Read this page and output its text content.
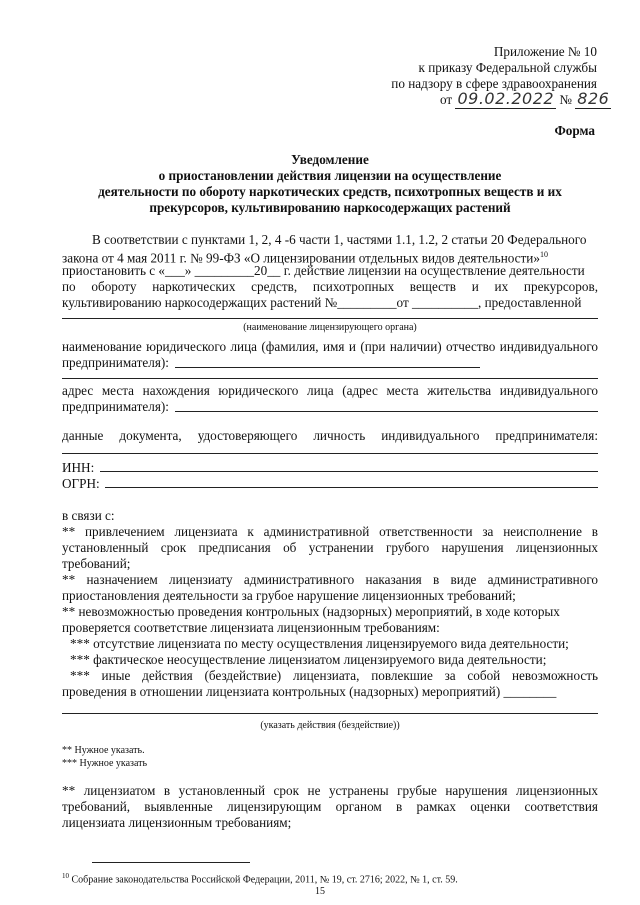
Приложение № 10
к приказу Федеральной службы
по надзору в сфере здравоохранения
от 09.02.2022 № 826
Форма
Уведомление
о приостановлении действия лицензии на осуществление
деятельности по обороту наркотических средств, психотропных веществ и их
прекурсоров, культивированию наркосодержащих растений
В соответствии с пунктами 1, 2, 4 -6 части 1, частями 1.1, 1.2, 2 статьи 20 Федерального
закона от 4 мая 2011 г. № 99-ФЗ «О лицензировании отдельных видов деятельности»$^{10}$
приостановить с «___» _________20__ г. действие лицензии на осуществление деятельности
по обороту наркотических средств, психотропных веществ и их прекурсоров,
культивированию наркосодержащих растений №_________от __________, предоставленной
(наименование лицензирующего органа)
наименование юридического лица (фамилия, имя и (при наличии) отчество индивидуального
предпринимателя):
адрес места нахождения юридического лица (адрес места жительства индивидуального
предпринимателя):
данные документа, удостоверяющего личность индивидуального предпринимателя:
ИНН:
ОГРН:
в связи с:
** привлечением лицензиата к административной ответственности за неисполнение в
установленный срок предписания об устранении грубого нарушения лицензионных
требований;
** назначением лицензиату административного наказания в виде административного
приостановления деятельности за грубое нарушение лицензионных требований;
** невозможностью проведения контрольных (надзорных) мероприятий, в ходе которых
проверяется соответствие лицензиата лицензионным требованиям:
*** отсутствие лицензиата по месту осуществления лицензируемого вида деятельности;
*** фактическое неосуществление лицензиатом лицензируемого вида деятельности;
*** иные действия (бездействие) лицензиата, повлекшие за собой невозможность
проведения в отношении лицензиата контрольных (надзорных) мероприятий) ________
(указать действия (бездействие))
** Нужное указать.
*** Нужное указать
** лицензиатом в установленный срок не устранены грубые нарушения лицензионных
требований, выявленные лицензирующим органом в рамках оценки соответствия
лицензиата лицензионным требованиям;
$^{10}$ Собрание законодательства Российской Федерации, 2011, № 19, ст. 2716; 2022, № 1, ст. 59.
15
